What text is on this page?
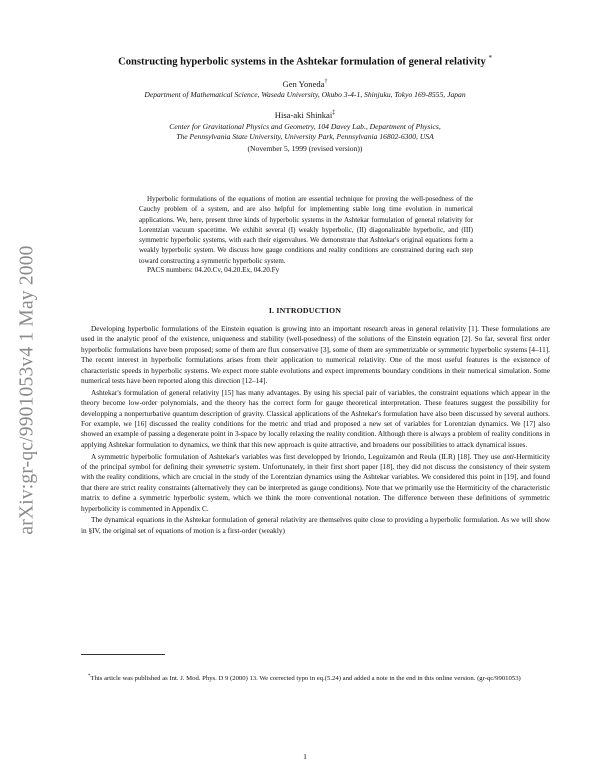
arXiv:gr-qc/9901053v4 1 May 2000
Constructing hyperbolic systems in the Ashtekar formulation of general relativity *
Gen Yoneda†
Department of Mathematical Science, Waseda University, Okubo 3-4-1, Shinjuku, Tokyo 169-8555, Japan
Hisa-aki Shinkai‡
Center for Gravitational Physics and Geometry, 104 Davey Lab., Department of Physics,
The Pennsylvania State University, University Park, Pennsylvania 16802-6300, USA
(November 5, 1999 (revised version))

Hyperbolic formulations of the equations of motion are essential technique for proving the well-posedness of the Cauchy problem of a system, and are also helpful for implementing stable long time evolution in numerical applications. We, here, present three kinds of hyperbolic systems in the Ashtekar formulation of general relativity for Lorentzian vacuum spacetime. We exhibit several (I) weakly hyperbolic, (II) diagonalizable hyperbolic, and (III) symmetric hyperbolic systems, with each their eigenvalues. We demonstrate that Ashtekar's original equations form a weakly hyperbolic system. We discuss how gauge conditions and reality conditions are constrained during each step toward constructing a symmetric hyperbolic system.

PACS numbers: 04.20.Cv, 04.20.Ex, 04.20.Fy

I. INTRODUCTION

Developing hyperbolic formulations of the Einstein equation is growing into an important research areas in general relativity [1]. These formulations are used in the analytic proof of the existence, uniqueness and stability (well-posedness) of the solutions of the Einstein equation [2]. So far, several first order hyperbolic formulations have been proposed; some of them are flux conservative [3], some of them are symmetrizable or symmetric hyperbolic systems [4–11]. The recent interest in hyperbolic formulations arises from their application to numerical relativity. One of the most useful features is the existence of characteristic speeds in hyperbolic systems. We expect more stable evolutions and expect imprements boundary conditions in their numerical simulation. Some numerical tests have been reported along this direction [12–14].

Ashtekar's formulation of general relativity [15] has many advantages. By using his special pair of variables, the constraint equations which appear in the theory become low-order polynomials, and the theory has the correct form for gauge theoretical interpretation. These features suggest the possibility for developping a nonperturbative quantum description of gravity. Classical applications of the Ashtekar's formulation have also been discussed by several authors. For example, we [16] discussed the reality conditions for the metric and triad and proposed a new set of variables for Lorentzian dynamics. We [17] also showed an example of passing a degenerate point in 3-space by locally relaxing the reality condition. Although there is always a problem of reality conditions in applying Ashtekar formulation to dynamics, we think that this new approach is quite attractive, and broadens our possibilities to attack dynamical issues.

A symmetric hyperbolic formulation of Ashtekar's variables was first developped by Iriondo, Leguizamón and Reula (ILR) [18]. They use anti-Hermiticity of the principal symbol for defining their symmetric system. Unfortunately, in their first short paper [18], they did not discuss the consistency of their system with the reality conditions, which are crucial in the study of the Lorentzian dynamics using the Ashtekar variables. We considered this point in [19], and found that there are strict reality constraints (alternatively they can be interpreted as gauge conditions). Note that we primarily use the Hermiticity of the characteristic matrix to define a symmetric hyperbolic system, which we think the more conventional notation. The difference between these definitions of symmetric hyperbolicity is commented in Appendix C.

The dynamical equations in the Ashtekar formulation of general relativity are themselves quite close to providing a hyperbolic formulation. As we will show in §IV, the original set of equations of motion is a first-order (weakly)

*This article was published as Int. J. Mod. Phys. D 9 (2000) 13. We corrected typo in eq.(5.24) and added a note in the end in this online version. (gr-qc/9901053)

1
